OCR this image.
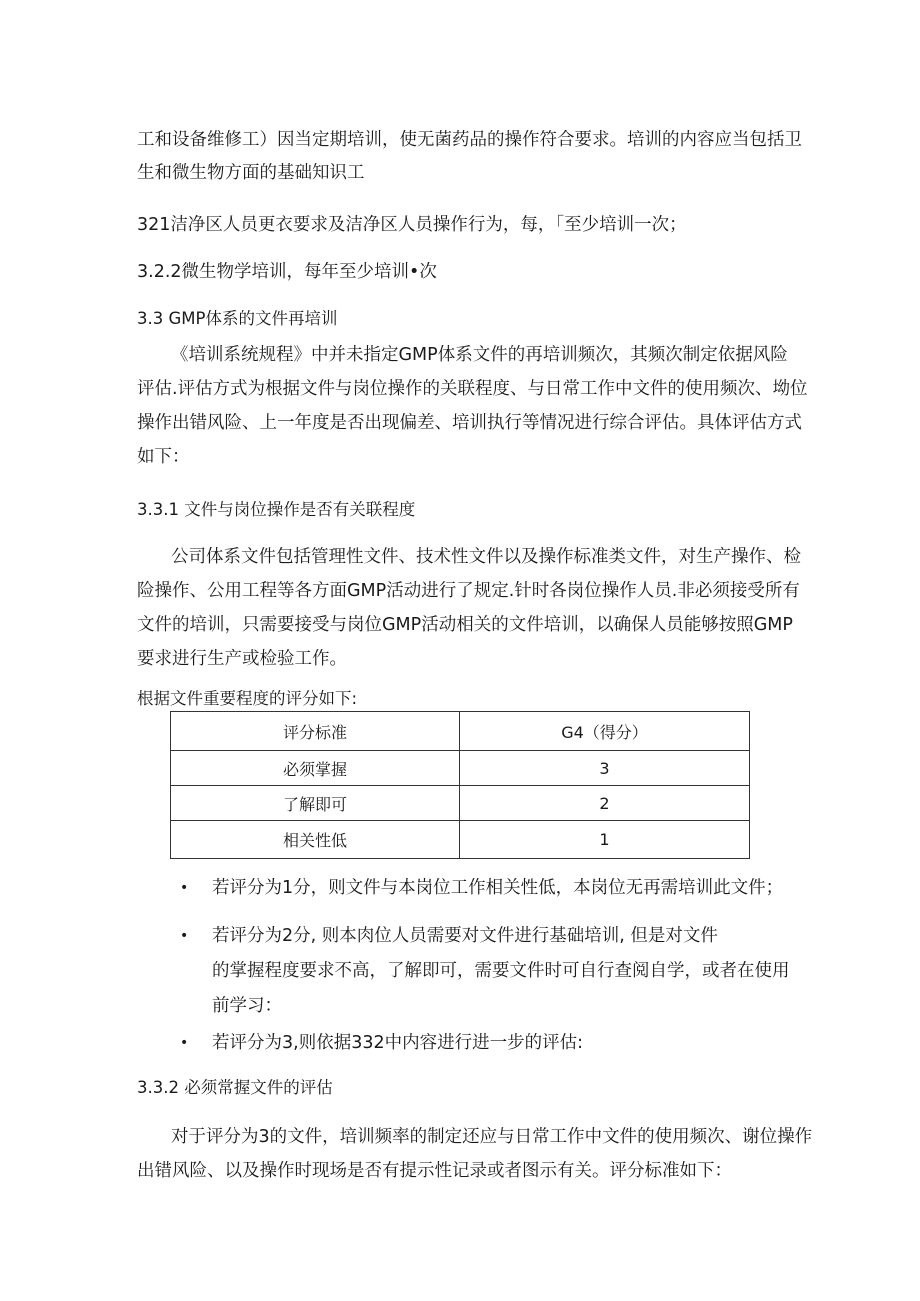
工和设备维修工）因当定期培训，使无菌药品的操作符合要求。培训的内容应当包括卫
生和微生物方面的基础知识工
321洁净区人员更衣要求及洁净区人员操作行为，每，「至少培训一次；
3.2.2微生物学培训，每年至少培训•次
3.3 GMP体系的文件再培训
《培训系统规程》中并未指定GMP体系文件的再培训频次，其频次制定依据风险
评估.评估方式为根据文件与岗位操作的关联程度、与日常工作中文件的使用频次、坳位
操作出错风险、上一年度是否出现偏差、培训执行等情况进行综合评估。具体评估方式
如下：
3.3.1 文件与岗位操作是否有关联程度
公司体系文件包括管理性文件、技术性文件以及操作标准类文件，对生产操作、检
险操作、公用工程等各方面GMP活动进行了规定.针时各岗位操作人员.非必须接受所有
文件的培训，只需要接受与岗位GMP活动相关的文件培训，以确保人员能够按照GMP
要求进行生产或检验工作。
根据文件重要程度的评分如下:
评分标准	G4（得分）
必须掌握	3
了解即可	2
相关性低	1
• 若评分为1分，则文件与本岗位工作相关性低，本岗位无再需培训此文件；
• 若评分为2分, 则本肉位人员需要对文件进行基础培训, 但是对文件
的掌握程度要求不高，了解即可，需要文件时可自行查阅自学，或者在使用
前学习：
• 若评分为3,则依据332中内容进行进一步的评估:
3.3.2 必须常握文件的评估
对于评分为3的文件，培训频率的制定还应与日常工作中文件的使用频次、谢位操作
出错风险、以及操作时现场是否有提示性记录或者图示有关。评分标准如下：
